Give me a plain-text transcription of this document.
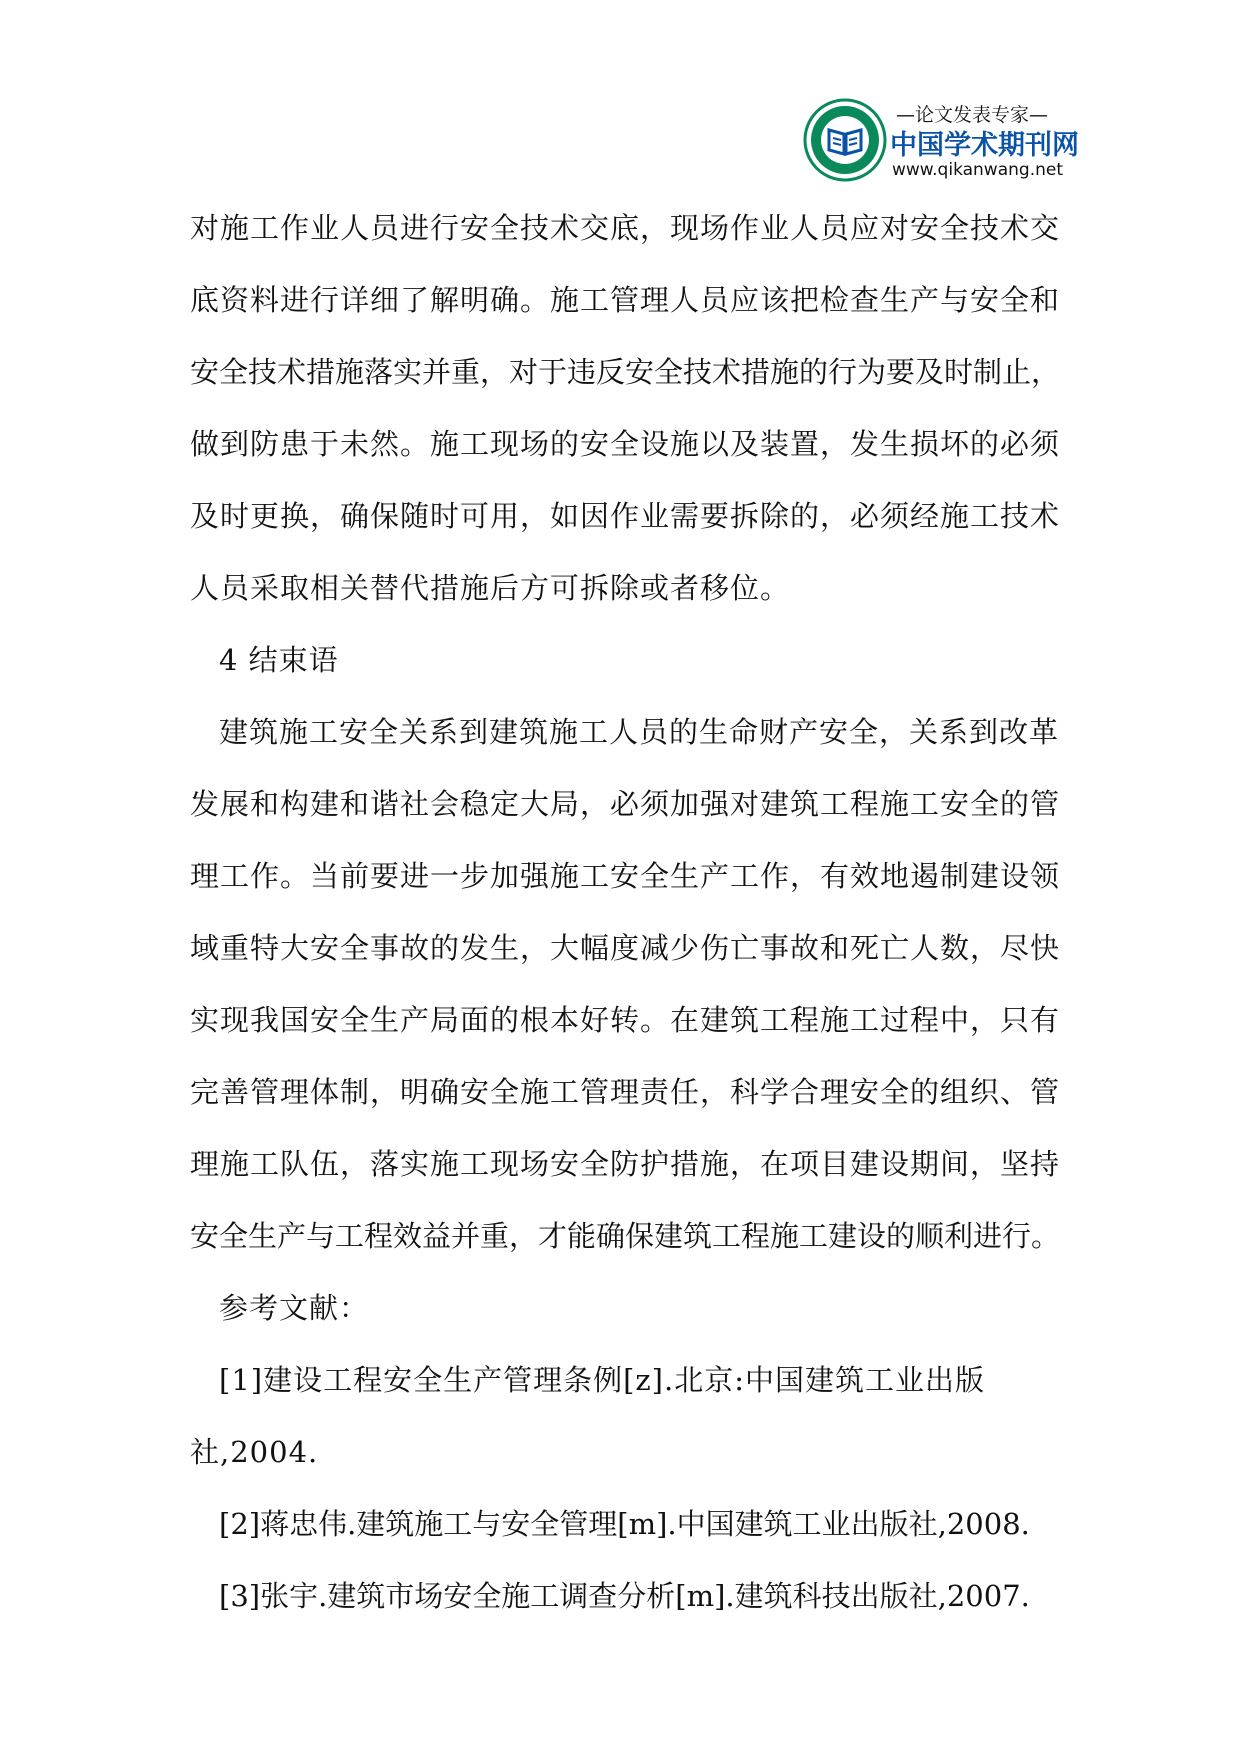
—论文发表专家—
中国学术期刊网
www.qikanwang.net
对施工作业人员进行安全技术交底，现场作业人员应对安全技术交
底资料进行详细了解明确。施工管理人员应该把检查生产与安全和
安全技术措施落实并重，对于违反安全技术措施的行为要及时制止，
做到防患于未然。施工现场的安全设施以及装置，发生损坏的必须
及时更换，确保随时可用，如因作业需要拆除的，必须经施工技术
人员采取相关替代措施后方可拆除或者移位。
4 结束语
建筑施工安全关系到建筑施工人员的生命财产安全，关系到改革
发展和构建和谐社会稳定大局，必须加强对建筑工程施工安全的管
理工作。当前要进一步加强施工安全生产工作，有效地遏制建设领
域重特大安全事故的发生，大幅度减少伤亡事故和死亡人数，尽快
实现我国安全生产局面的根本好转。在建筑工程施工过程中，只有
完善管理体制，明确安全施工管理责任，科学合理安全的组织、管
理施工队伍，落实施工现场安全防护措施，在项目建设期间，坚持
安全生产与工程效益并重，才能确保建筑工程施工建设的顺利进行。
参考文献：
[1]建设工程安全生产管理条例[z].北京:中国建筑工业出版
社,2004.
[2]蒋忠伟.建筑施工与安全管理[m].中国建筑工业出版社,2008.
[3]张宇.建筑市场安全施工调查分析[m].建筑科技出版社,2007.
